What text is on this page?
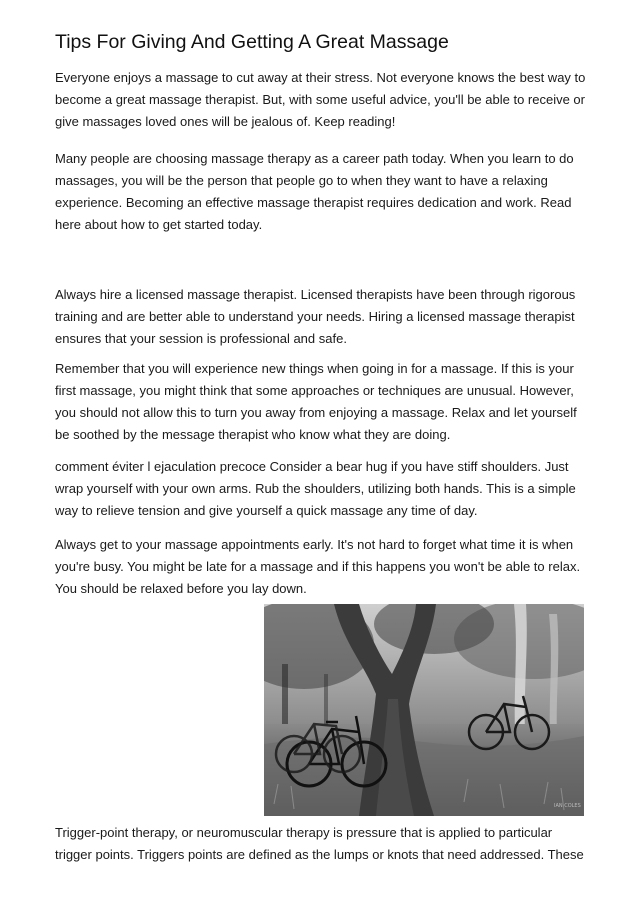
Tips For Giving And Getting A Great Massage

Everyone enjoys a massage to cut away at their stress. Not everyone knows the best way to become a great massage therapist. But, with some useful advice, you'll be able to receive or give massages loved ones will be jealous of. Keep reading!

Many people are choosing massage therapy as a career path today. When you learn to do massages, you will be the person that people go to when they want to have a relaxing experience. Becoming an effective massage therapist requires dedication and work. Read here about how to get started today.

Always hire a licensed massage therapist. Licensed therapists have been through rigorous training and are better able to understand your needs. Hiring a licensed massage therapist ensures that your session is professional and safe.

Remember that you will experience new things when going in for a massage. If this is your first massage, you might think that some approaches or techniques are unusual. However, you should not allow this to turn you away from enjoying a massage. Relax and let yourself be soothed by the message therapist who know what they are doing.

comment éviter l ejaculation precoce Consider a bear hug if you have stiff shoulders. Just wrap yourself with your own arms. Rub the shoulders, utilizing both hands. This is a simple way to relieve tension and give yourself a quick massage any time of day.

Always get to your massage appointments early. It's not hard to forget what time it is when you're busy. You might be late for a massage and if this happens you won't be able to relax. You should be relaxed before you lay down.

IAN COLES

Trigger-point therapy, or neuromuscular therapy is pressure that is applied to particular trigger points. Triggers points are defined as the lumps or knots that need addressed. These
